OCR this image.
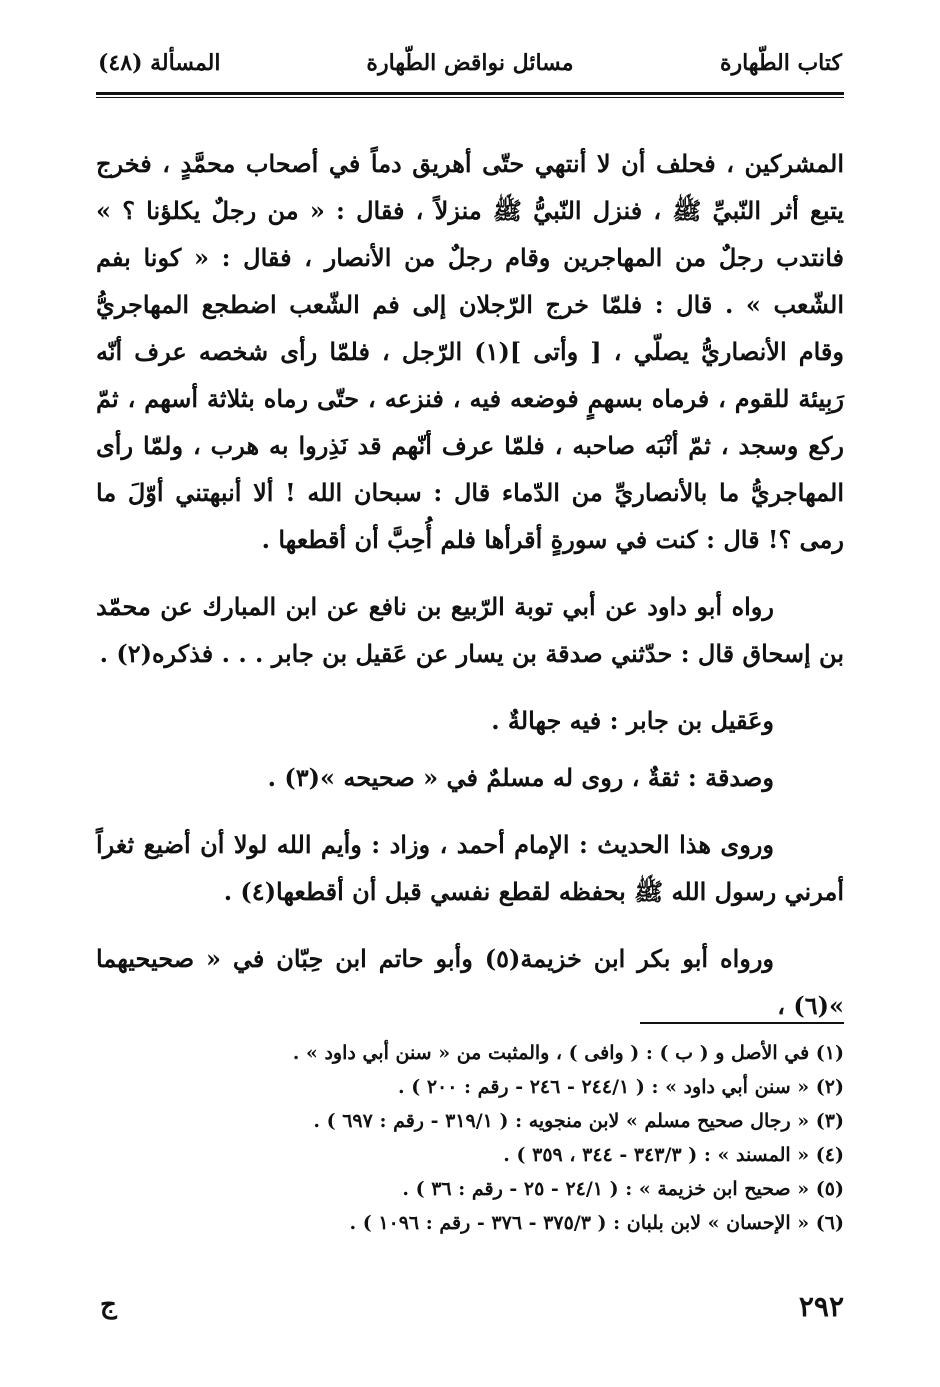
كتاب الطّهارة
مسائل نواقض الطّهارة
المسألة (٤٨)

المشركين ، فحلف أن لا أنتهي حتّى أهريق دماً في أصحاب محمَّدٍ ، فخرج يتبع أثر النّبيِّ ﷺ ، فنزل النّبيُّ ﷺ منزلاً ، فقال : « من رجلٌ يكلؤنا ؟ » فانتدب رجلٌ من المهاجرين وقام رجلٌ من الأنصار ، فقال : « كونا بفم الشّعب » . قال : فلمّا خرج الرّجلان إلى فم الشّعب اضطجع المهاجريُّ وقام الأنصاريُّ يصلّي ، [ وأتى ](١) الرّجل ، فلمّا رأى شخصه عرف أنّه رَبِيئة للقوم ، فرماه بسهمٍ فوضعه فيه ، فنزعه ، حتّى رماه بثلاثة أسهم ، ثمّ ركع وسجد ، ثمّ أنْبَه صاحبه ، فلمّا عرف أنّهم قد نَذِروا به هرب ، ولمّا رأى المهاجريُّ ما بالأنصاريِّ من الدّماء قال : سبحان الله ! ألا أنبهتني أوّلَ ما رمى ؟! قال : كنت في سورةٍ أقرأها فلم أُحِبَّ أن أقطعها .

رواه أبو داود عن أبي توبة الرّبيع بن نافع عن ابن المبارك عن محمّد بن إسحاق قال : حدّثني صدقة بن يسار عن عَقيل بن جابر . . . فذكره(٢) .

وعَقيل بن جابر : فيه جهالةٌ .

وصدقة : ثقةٌ ، روى له مسلمٌ في « صحيحه »(٣) .

وروى هذا الحديث : الإمام أحمد ، وزاد : وأيم الله لولا أن أضيع ثغراً أمرني رسول الله ﷺ بحفظه لقطع نفسي قبل أن أقطعها(٤) .

ورواه أبو بكر ابن خزيمة(٥) وأبو حاتم ابن حِبّان في « صحيحيهما »(٦) ،

(١) في الأصل و ( ب ) : ( وافى ) ، والمثبت من « سنن أبي داود » .
(٢) « سنن أبي داود » : ( ٢٤٤/١ - ٢٤٦ - رقم : ٢٠٠ ) .
(٣) « رجال صحيح مسلم » لابن منجويه : ( ٣١٩/١ - رقم : ٦٩٧ ) .
(٤) « المسند » : ( ٣٤٣/٣ - ٣٤٤ ، ٣٥٩ ) .
(٥) « صحيح ابن خزيمة » : ( ٢٤/١ - ٢٥ - رقم : ٣٦ ) .
(٦) « الإحسان » لابن بلبان : ( ٣٧٥/٣ - ٣٧٦ - رقم : ١٠٩٦ ) .
٢٩٢
ج
